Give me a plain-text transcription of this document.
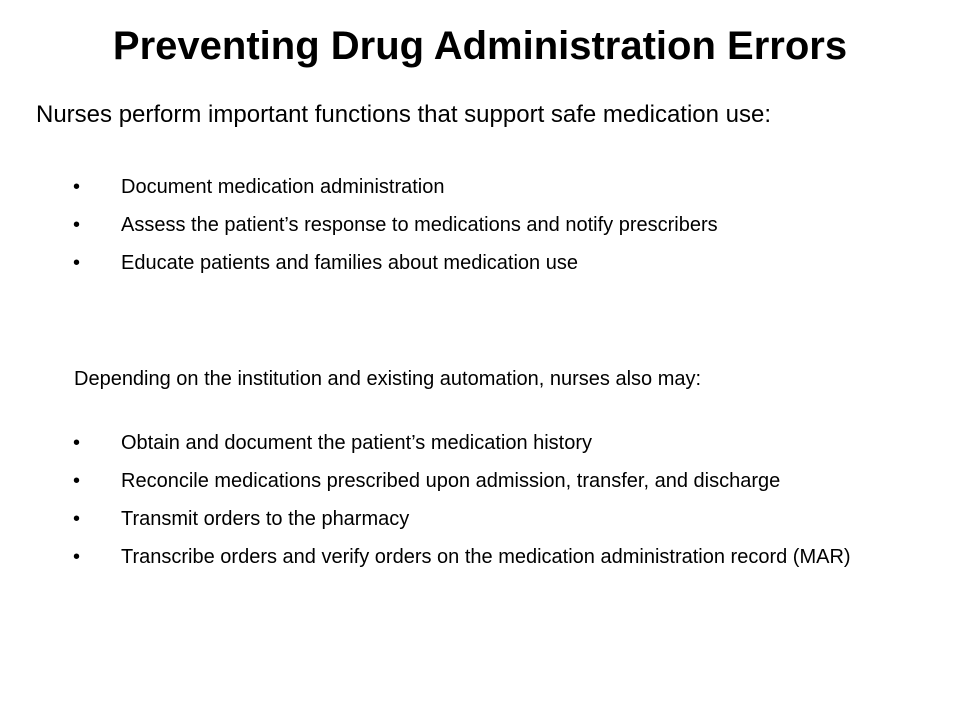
Preventing Drug Administration Errors

Nurses perform important functions that support safe medication use:

• Document medication administration
• Assess the patient’s response to medications and notify prescribers
• Educate patients and families about medication use

Depending on the institution and existing automation, nurses also may:

• Obtain and document the patient’s medication history
• Reconcile medications prescribed upon admission, transfer, and discharge
• Transmit orders to the pharmacy
• Transcribe orders and verify orders on the medication administration record (MAR)
